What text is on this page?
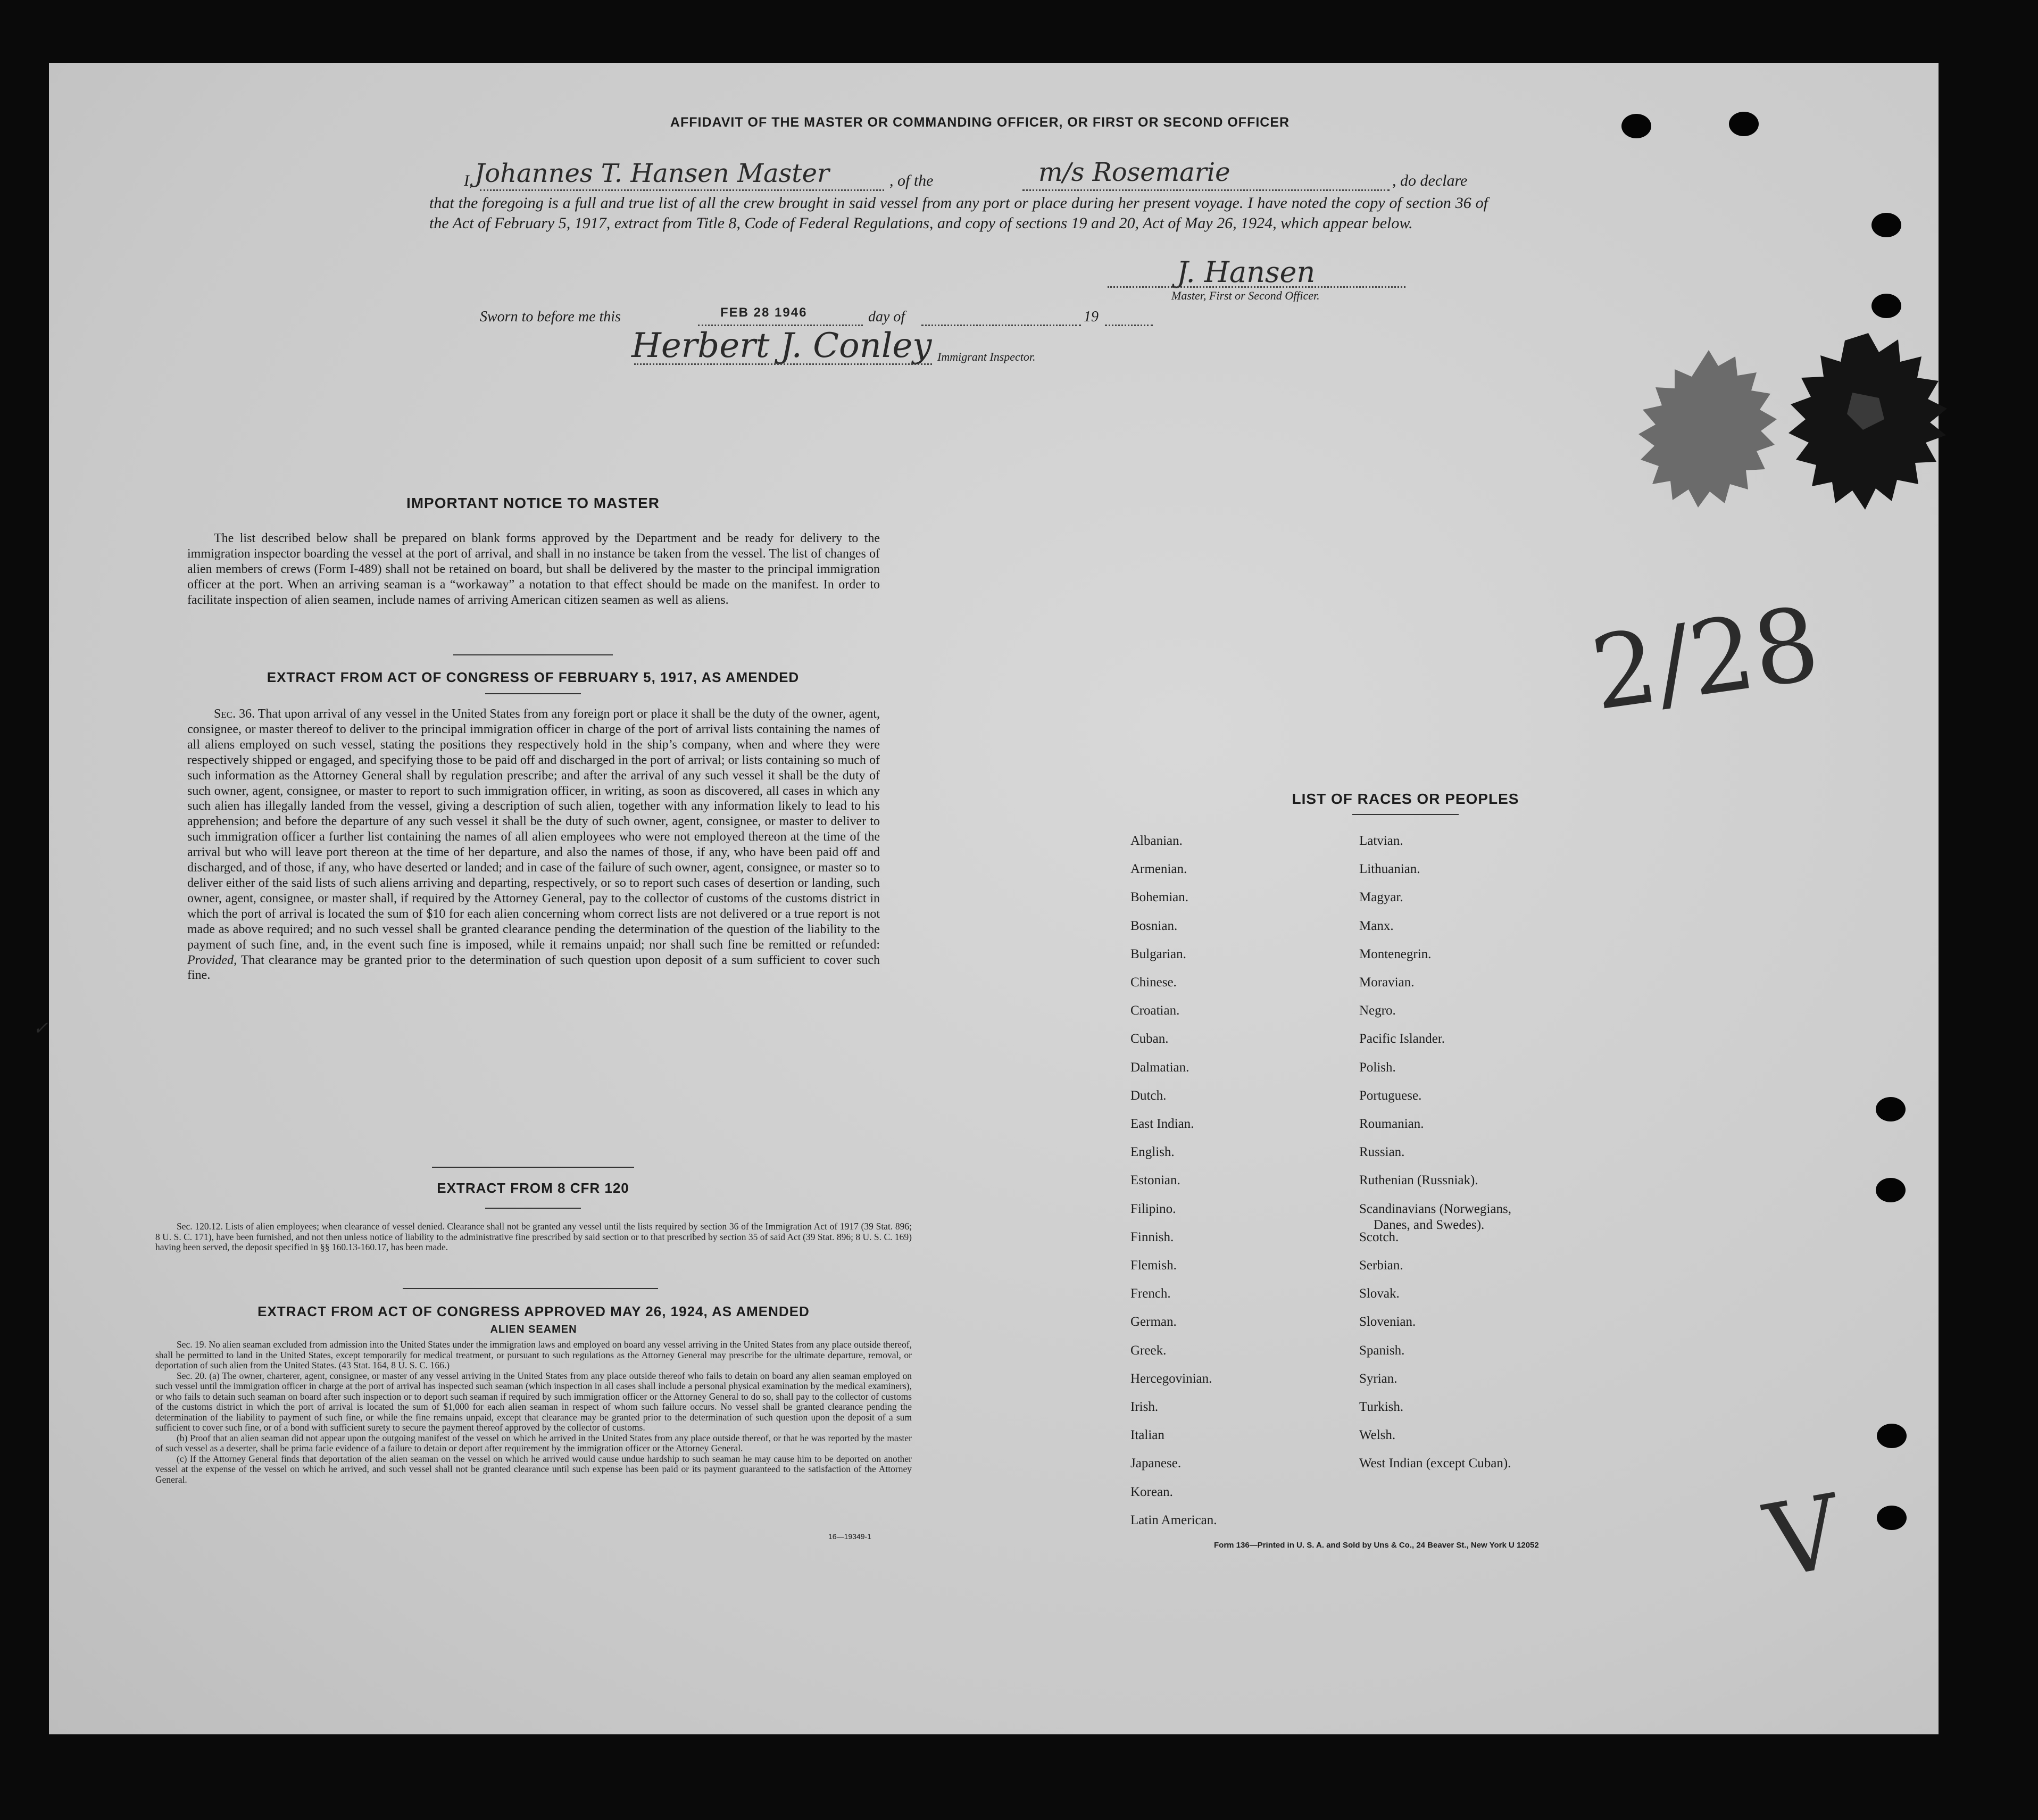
AFFIDAVIT OF THE MASTER OR COMMANDING OFFICER, OR FIRST OR SECOND OFFICER
I, Johannes T. Hansen Master	, of the	m/s Rosemarie	, do declare
that the foregoing is a full and true list of all the crew brought in said vessel from any port or place during her present voyage. I have noted the copy of section 36 of the Act of February 5, 1917, extract from Title 8, Code of Federal Regulations, and copy of sections 19 and 20, Act of May 26, 1924, which appear below.
J. Hansen
Master, First or Second Officer.
Sworn to before me this	FEB 28 1946	day of	19
Herbert J. Conley Immigrant Inspector.
IMPORTANT NOTICE TO MASTER
The list described below shall be prepared on blank forms approved by the Department and be ready for delivery to the immigration inspector boarding the vessel at the port of arrival, and shall in no instance be taken from the vessel. The list of changes of alien members of crews (Form I-489) shall not be retained on board, but shall be delivered by the master to the principal immigration officer at the port. When an arriving seaman is a “workaway” a notation to that effect should be made on the manifest. In order to facilitate inspection of alien seamen, include names of arriving American citizen seamen as well as aliens.
EXTRACT FROM ACT OF CONGRESS OF FEBRUARY 5, 1917, AS AMENDED
Sec. 36. That upon arrival of any vessel in the United States from any foreign port or place it shall be the duty of the owner, agent, consignee, or master thereof to deliver to the principal immigration officer in charge of the port of arrival lists containing the names of all aliens employed on such vessel, stating the positions they respectively hold in the ship’s company, when and where they were respectively shipped or engaged, and specifying those to be paid off and discharged in the port of arrival; or lists containing so much of such information as the Attorney General shall by regulation prescribe; and after the arrival of any such vessel it shall be the duty of such owner, agent, consignee, or master to report to such immigration officer, in writing, as soon as discovered, all cases in which any such alien has illegally landed from the vessel, giving a description of such alien, together with any information likely to lead to his apprehension; and before the departure of any such vessel it shall be the duty of such owner, agent, consignee, or master to deliver to such immigration officer a further list containing the names of all alien employees who were not employed thereon at the time of the arrival but who will leave port thereon at the time of her departure, and also the names of those, if any, who have been paid off and discharged, and of those, if any, who have deserted or landed; and in case of the failure of such owner, agent, consignee, or master so to deliver either of the said lists of such aliens arriving and departing, respectively, or so to report such cases of desertion or landing, such owner, agent, consignee, or master shall, if required by the Attorney General, pay to the collector of customs of the customs district in which the port of arrival is located the sum of $10 for each alien concerning whom correct lists are not delivered or a true report is not made as above required; and no such vessel shall be granted clearance pending the determination of the question of the liability to the payment of such fine, and, in the event such fine is imposed, while it remains unpaid; nor shall such fine be remitted or refunded: Provided, That clearance may be granted prior to the determination of such question upon deposit of a sum sufficient to cover such fine.
EXTRACT FROM 8 CFR 120
Sec. 120.12. Lists of alien employees; when clearance of vessel denied. Clearance shall not be granted any vessel until the lists required by section 36 of the Immigration Act of 1917 (39 Stat. 896; 8 U. S. C. 171), have been furnished, and not then unless notice of liability to the administrative fine prescribed by said section or to that prescribed by section 35 of said Act (39 Stat. 896; 8 U. S. C. 169) having been served, the deposit specified in §§ 160.13-160.17, has been made.
EXTRACT FROM ACT OF CONGRESS APPROVED MAY 26, 1924, AS AMENDED
ALIEN SEAMEN
Sec. 19. No alien seaman excluded from admission into the United States under the immigration laws and employed on board any vessel arriving in the United States from any place outside thereof, shall be permitted to land in the United States, except temporarily for medical treatment, or pursuant to such regulations as the Attorney General may prescribe for the ultimate departure, removal, or deportation of such alien from the United States. (43 Stat. 164, 8 U. S. C. 166.)
Sec. 20. (a) The owner, charterer, agent, consignee, or master of any vessel arriving in the United States from any place outside thereof who fails to detain on board any alien seaman employed on such vessel until the immigration officer in charge at the port of arrival has inspected such seaman (which inspection in all cases shall include a personal physical examination by the medical examiners), or who fails to detain such seaman on board after such inspection or to deport such seaman if required by such immigration officer or the Attorney General to do so, shall pay to the collector of customs of the customs district in which the port of arrival is located the sum of $1,000 for each alien seaman in respect of whom such failure occurs. No vessel shall be granted clearance pending the determination of the liability to payment of such fine, or while the fine remains unpaid, except that clearance may be granted prior to the determination of such question upon the deposit of a sum sufficient to cover such fine, or of a bond with sufficient surety to secure the payment thereof approved by the collector of customs.
(b) Proof that an alien seaman did not appear upon the outgoing manifest of the vessel on which he arrived in the United States from any place outside thereof, or that he was reported by the master of such vessel as a deserter, shall be prima facie evidence of a failure to detain or deport after requirement by the immigration officer or the Attorney General.
(c) If the Attorney General finds that deportation of the alien seaman on the vessel on which he arrived would cause undue hardship to such seaman he may cause him to be deported on another vessel at the expense of the vessel on which he arrived, and such vessel shall not be granted clearance until such expense has been paid or its payment guaranteed to the satisfaction of the Attorney General.
16—19349-1
LIST OF RACES OR PEOPLES
Form 136—Printed in U. S. A. and Sold by Uns & Co., 24 Beaver St., New York U 12052
2/28
V
✓
Albanian.
Armenian.
Bohemian.
Bosnian.
Bulgarian.
Chinese.
Croatian.
Cuban.
Dalmatian.
Dutch.
East Indian.
English.
Estonian.
Filipino.
Finnish.
Flemish.
French.
German.
Greek.
Hercegovinian.
Irish.
Italian
Japanese.
Korean.
Latin American.
Latvian.
Lithuanian.
Magyar.
Manx.
Montenegrin.
Moravian.
Negro.
Pacific Islander.
Polish.
Portuguese.
Roumanian.
Russian.
Ruthenian (Russniak).
Scandinavians (Norwegians,
Danes, and Swedes).
Scotch.
Serbian.
Slovak.
Slovenian.
Spanish.
Syrian.
Turkish.
Welsh.
West Indian (except Cuban).
